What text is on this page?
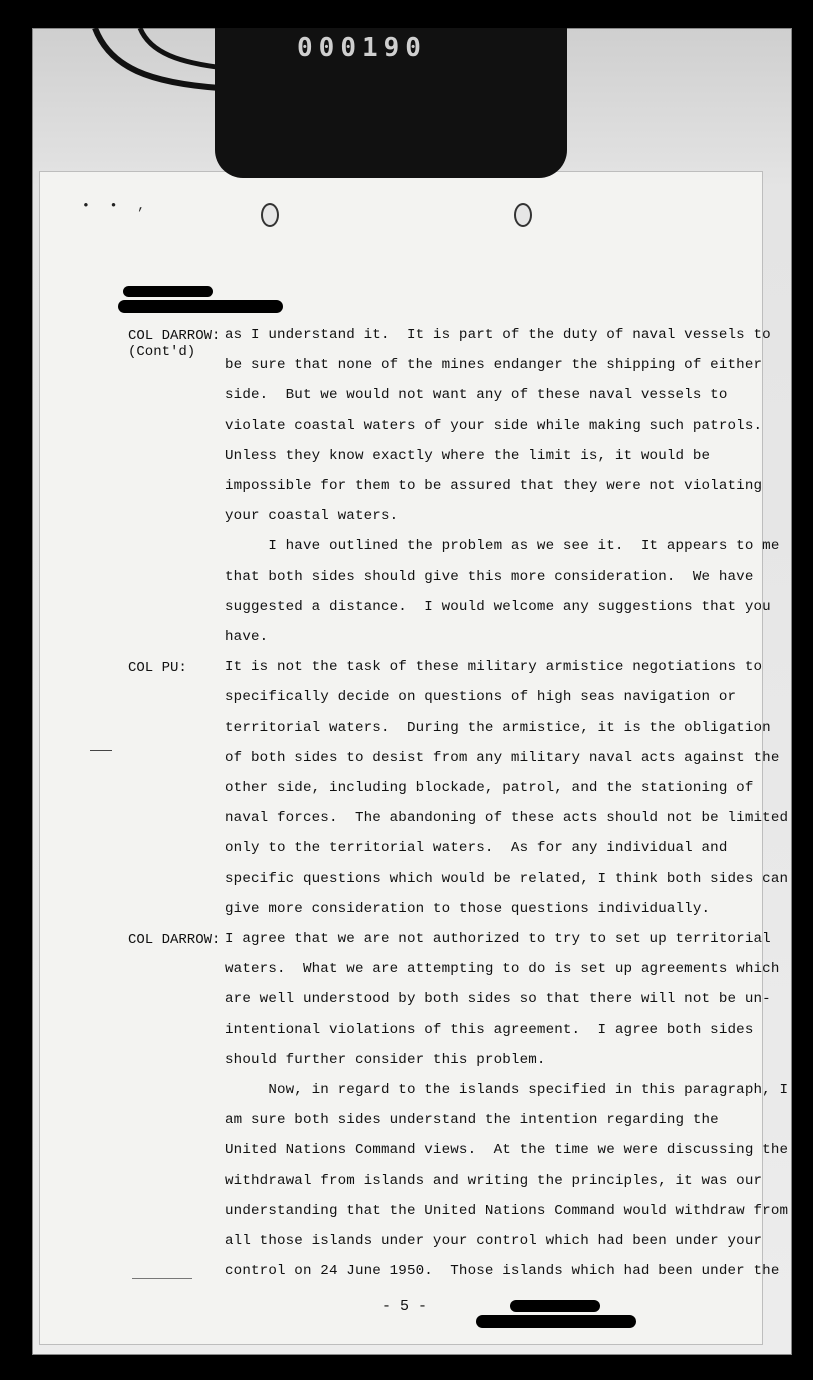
000190
• • ,
COL DARROW:
(Cont'd)
COL PU:
COL DARROW:
as I understand it.  It is part of the duty of naval vessels to
be sure that none of the mines endanger the shipping of either
side.  But we would not want any of these naval vessels to
violate coastal waters of your side while making such patrols.
Unless they know exactly where the limit is, it would be
impossible for them to be assured that they were not violating
your coastal waters.
I have outlined the problem as we see it.  It appears to me
that both sides should give this more consideration.  We have
suggested a distance.  I would welcome any suggestions that you
have.
It is not the task of these military armistice negotiations to
specifically decide on questions of high seas navigation or
territorial waters.  During the armistice, it is the obligation
of both sides to desist from any military naval acts against the
other side, including blockade, patrol, and the stationing of
naval forces.  The abandoning of these acts should not be limited
only to the territorial waters.  As for any individual and
specific questions which would be related, I think both sides can
give more consideration to those questions individually.
I agree that we are not authorized to try to set up territorial
waters.  What we are attempting to do is set up agreements which
are well understood by both sides so that there will not be un-
intentional violations of this agreement.  I agree both sides
should further consider this problem.
Now, in regard to the islands specified in this paragraph, I
am sure both sides understand the intention regarding the
United Nations Command views.  At the time we were discussing the
withdrawal from islands and writing the principles, it was our
understanding that the United Nations Command would withdraw from
all those islands under your control which had been under your
control on 24 June 1950.  Those islands which had been under the
- 5 -
